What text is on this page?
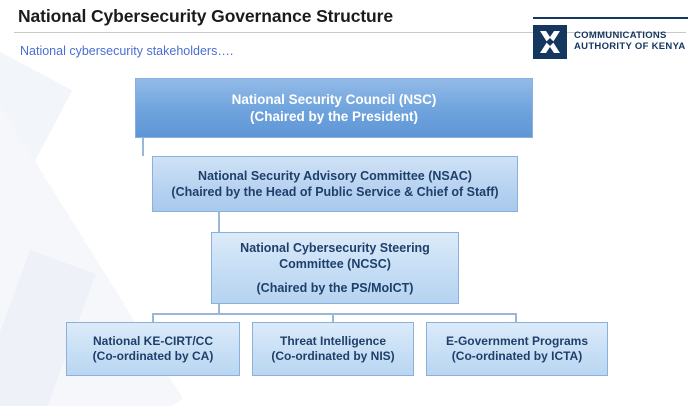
National Cybersecurity Governance Structure
National cybersecurity stakeholders….
COMMUNICATIONS
AUTHORITY OF KENYA
National Security Council (NSC)
(Chaired by the President)
National Security Advisory Committee (NSAC)
(Chaired by the Head of Public Service & Chief of Staff)
National Cybersecurity Steering
Committee (NCSC)
(Chaired by the PS/MoICT)
National KE-CIRT/CC
(Co-ordinated by CA)
Threat Intelligence
(Co-ordinated by NIS)
E-Government Programs
(Co-ordinated by ICTA)
